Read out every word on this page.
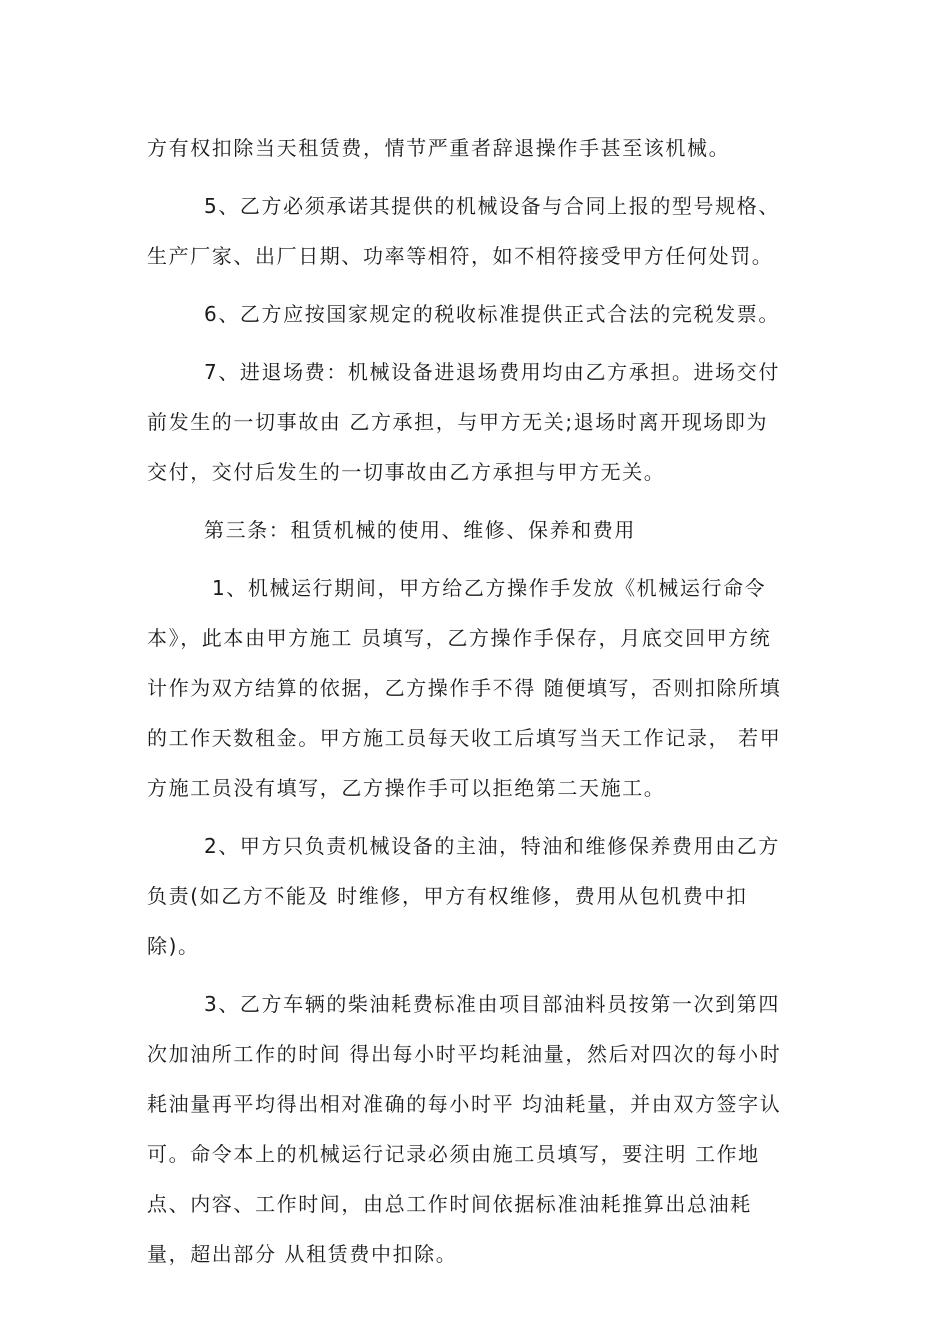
方有权扣除当天租赁费，情节严重者辞退操作手甚至该机械。
5、乙方必须承诺其提供的机械设备与合同上报的型号规格、
生产厂家、出厂日期、功率等相符，如不相符接受甲方任何处罚。
6、乙方应按国家规定的税收标准提供正式合法的完税发票。
7、进退场费：机械设备进退场费用均由乙方承担。进场交付
前发生的一切事故由 乙方承担，与甲方无关;退场时离开现场即为
交付，交付后发生的一切事故由乙方承担与甲方无关。
第三条：租赁机械的使用、维修、保养和费用
1、机械运行期间，甲方给乙方操作手发放《机械运行命令
本》，此本由甲方施工 员填写，乙方操作手保存，月底交回甲方统
计作为双方结算的依据，乙方操作手不得 随便填写，否则扣除所填
的工作天数租金。甲方施工员每天收工后填写当天工作记录， 若甲
方施工员没有填写，乙方操作手可以拒绝第二天施工。
2、甲方只负责机械设备的主油，特油和维修保养费用由乙方
负责(如乙方不能及 时维修，甲方有权维修，费用从包机费中扣
除)。
3、乙方车辆的柴油耗费标准由项目部油料员按第一次到第四
次加油所工作的时间 得出每小时平均耗油量，然后对四次的每小时
耗油量再平均得出相对准确的每小时平 均油耗量，并由双方签字认
可。命令本上的机械运行记录必须由施工员填写，要注明 工作地
点、内容、工作时间，由总工作时间依据标准油耗推算出总油耗
量，超出部分 从租赁费中扣除。
